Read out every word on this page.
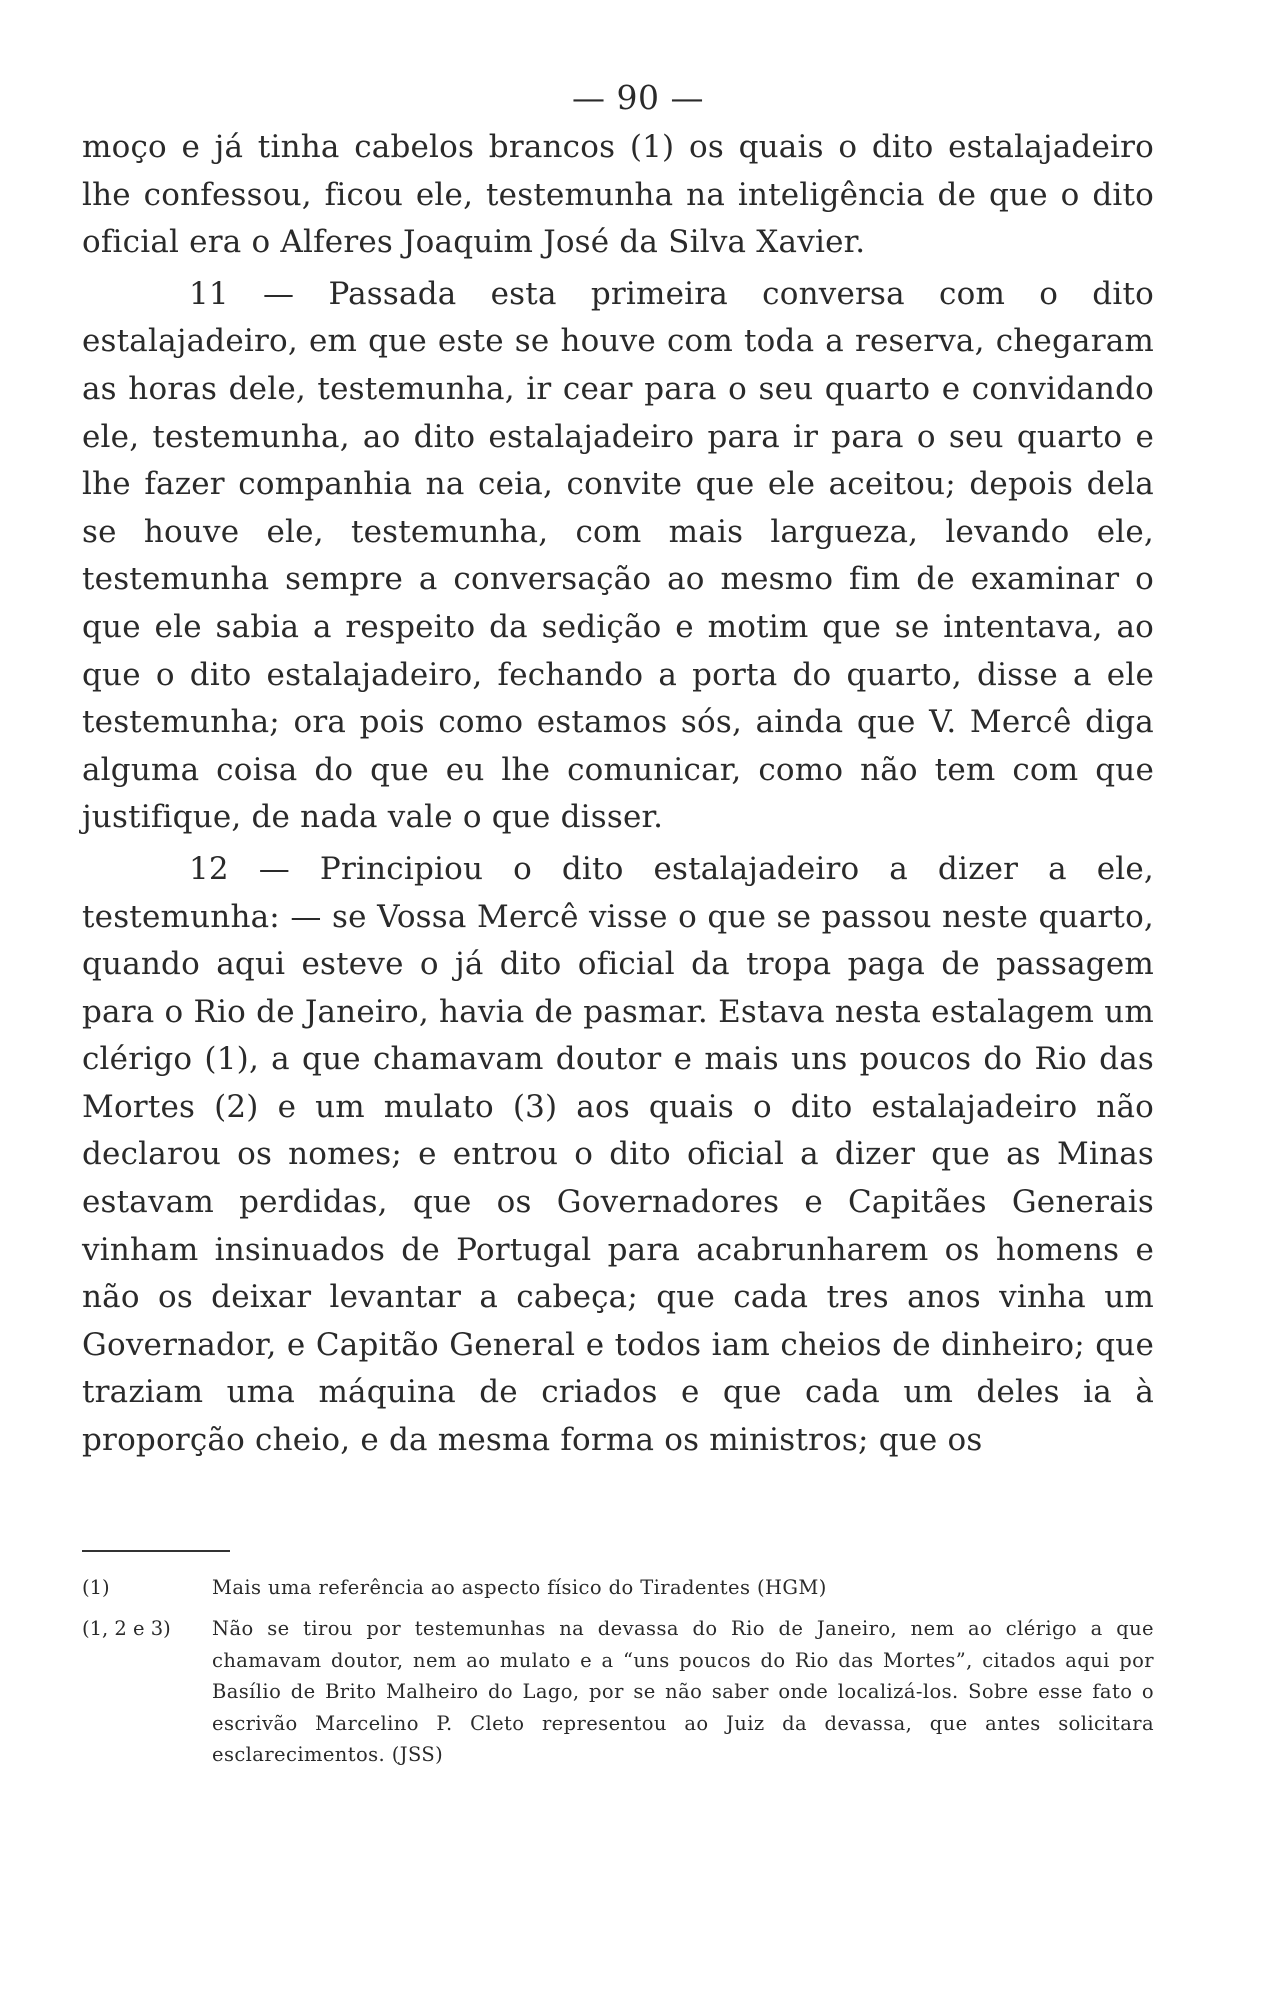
— 90 —

moço e já tinha cabelos brancos (1) os quais o dito estalajadeiro lhe confessou, ficou ele, testemunha na inteligência de que o dito oficial era o Alferes Joaquim José da Silva Xavier.

11 — Passada esta primeira conversa com o dito estalajadeiro, em que este se houve com toda a reserva, chegaram as horas dele, testemunha, ir cear para o seu quarto e convidando ele, testemunha, ao dito estalajadeiro para ir para o seu quarto e lhe fazer companhia na ceia, convite que ele aceitou; depois dela se houve ele, testemunha, com mais largueza, levando ele, testemunha sempre a conversação ao mesmo fim de examinar o que ele sabia a respeito da sedição e motim que se intentava, ao que o dito estalajadeiro, fechando a porta do quarto, disse a ele testemunha; ora pois como estamos sós, ainda que V. Mercê diga alguma coisa do que eu lhe comunicar, como não tem com que justifique, de nada vale o que disser.

12 — Principiou o dito estalajadeiro a dizer a ele, testemunha: — se Vossa Mercê visse o que se passou neste quarto, quando aqui esteve o já dito oficial da tropa paga de passagem para o Rio de Janeiro, havia de pasmar. Estava nesta estalagem um clérigo (1), a que chamavam doutor e mais uns poucos do Rio das Mortes (2) e um mulato (3) aos quais o dito estalajadeiro não declarou os nomes; e entrou o dito oficial a dizer que as Minas estavam perdidas, que os Governadores e Capitães Generais vinham insinuados de Portugal para acabrunharem os homens e não os deixar levantar a cabeça; que cada tres anos vinha um Governador, e Capitão General e todos iam cheios de dinheiro; que traziam uma máquina de criados e que cada um deles ia à proporção cheio, e da mesma forma os ministros; que os

(1)	Mais uma referência ao aspecto físico do Tiradentes (HGM)
(1, 2 e 3)	Não se tirou por testemunhas na devassa do Rio de Janeiro, nem ao clérigo a que chamavam doutor, nem ao mulato e a “uns poucos do Rio das Mortes”, citados aqui por Basílio de Brito Malheiro do Lago, por se não saber onde localizá-los. Sobre esse fato o escrivão Marcelino P. Cleto representou ao Juiz da devassa, que antes solicitara esclarecimentos. (JSS)
